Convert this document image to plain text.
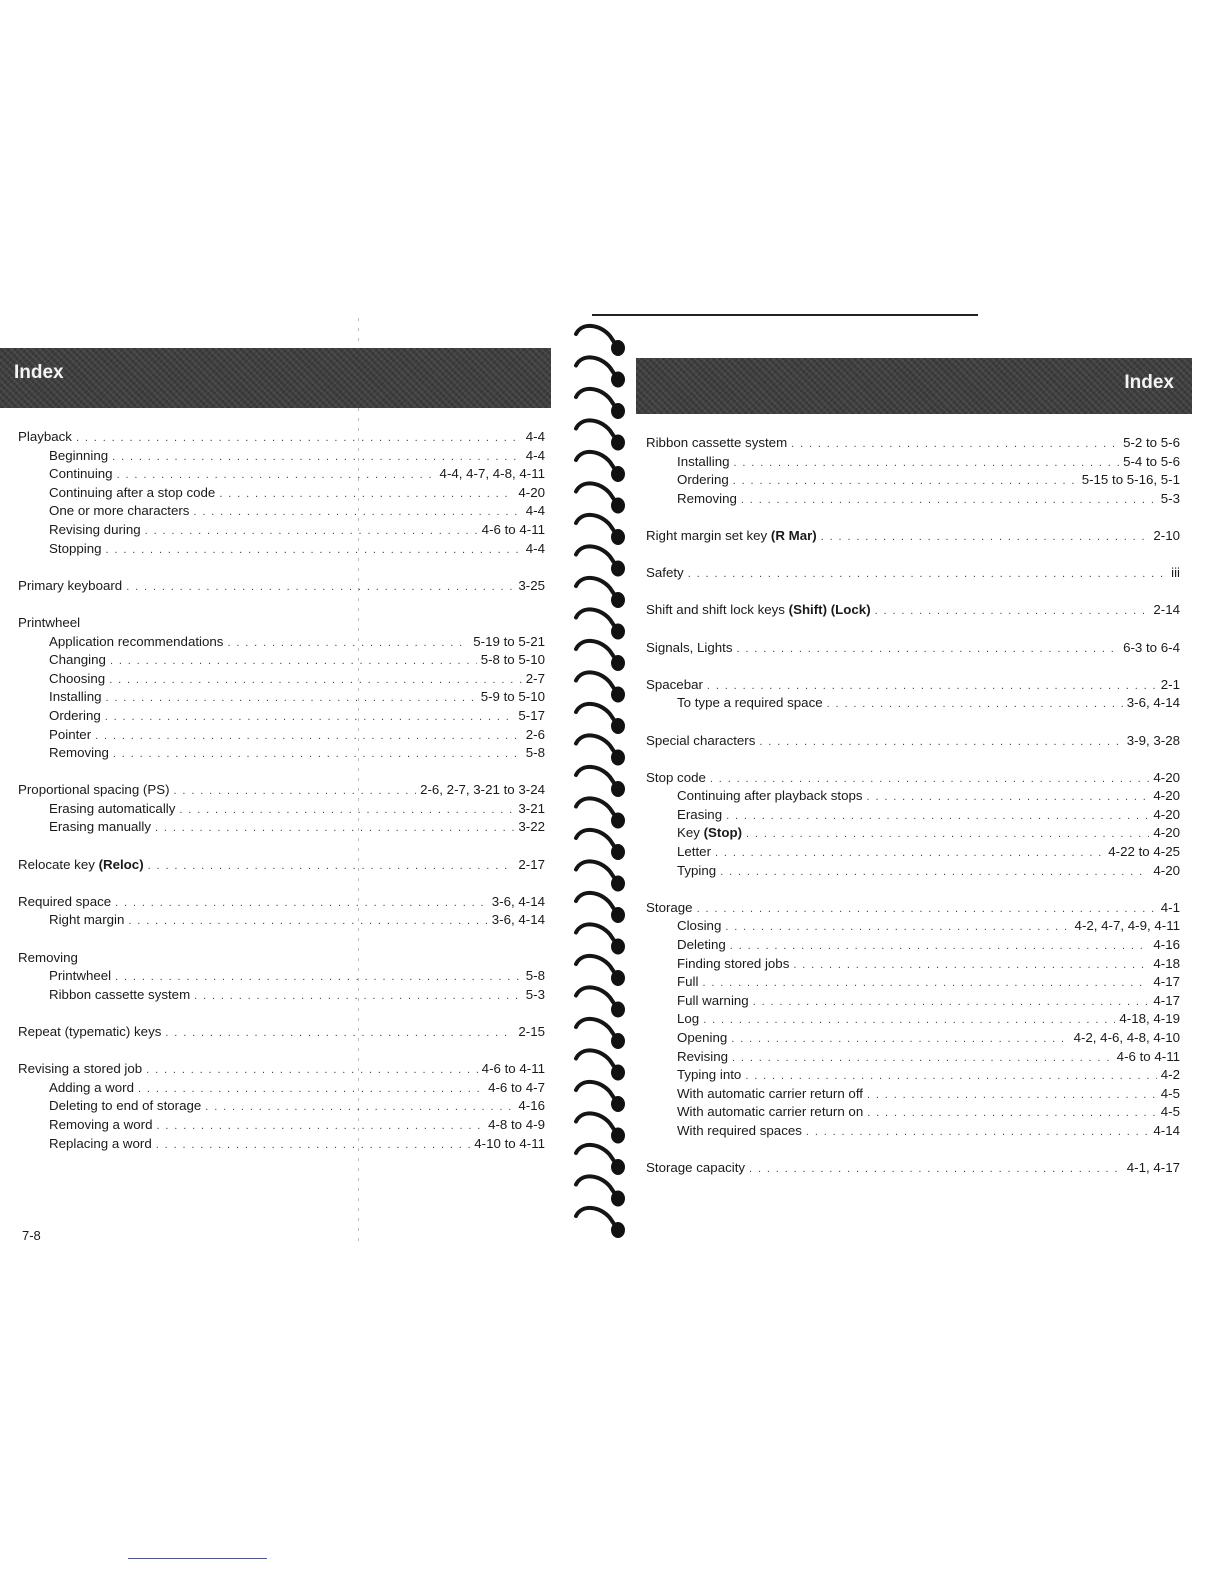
Index
Playback . . .	4-4
Beginning . . .	4-4
Continuing . . .	4-4, 4-7, 4-8, 4-11
Continuing after a stop code . . .	4-20
One or more characters . . .	4-4
Revising during . . .	4-6 to 4-11
Stopping . . .	4-4
Primary keyboard . . .	3-25
Printwheel
Application recommendations . . .	5-19 to 5-21
Changing . . .	5-8 to 5-10
Choosing . . .	2-7
Installing . . .	5-9 to 5-10
Ordering . . .	5-17
Pointer . . .	2-6
Removing . . .	5-8
Proportional spacing (PS) . . .	2-6, 2-7, 3-21 to 3-24
Erasing automatically . . .	3-21
Erasing manually . . .	3-22
Relocate key (Reloc) . . .	2-17
Required space . . .	3-6, 4-14
Right margin . . .	3-6, 4-14
Removing
Printwheel . . .	5-8
Ribbon cassette system . . .	5-3
Repeat (typematic) keys . . .	2-15
Revising a stored job . . .	4-6 to 4-11
Adding a word . . .	4-6 to 4-7
Deleting to end of storage . . .	4-16
Removing a word . . .	4-8 to 4-9
Replacing a word . . .	4-10 to 4-11
Index
Ribbon cassette system . . .	5-2 to 5-6
Installing . . .	5-4 to 5-6
Ordering . . .	5-15 to 5-16, 5-1
Removing . . .	5-3
Right margin set key (R Mar) . . .	2-10
Safety . . .	iii
Shift and shift lock keys (Shift) (Lock) . . .	2-14
Signals, Lights . . .	6-3 to 6-4
Spacebar . . .	2-1
To type a required space . . .	3-6, 4-14
Special characters . . .	3-9, 3-28
Stop code . . .	4-20
Continuing after playback stops . . .	4-20
Erasing . . .	4-20
Key (Stop) . . .	4-20
Letter . . .	4-22 to 4-25
Typing . . .	4-20
Storage . . .	4-1
Closing . . .	4-2, 4-7, 4-9, 4-11
Deleting . . .	4-16
Finding stored jobs . . .	4-18
Full . . .	4-17
Full warning . . .	4-17
Log . . .	4-18, 4-19
Opening . . .	4-2, 4-6, 4-8, 4-10
Revising . . .	4-6 to 4-11
Typing into . . .	4-2
With automatic carrier return off . . .	4-5
With automatic carrier return on . . .	4-5
With required spaces . . .	4-14
Storage capacity . . .	4-1, 4-17
7-8
